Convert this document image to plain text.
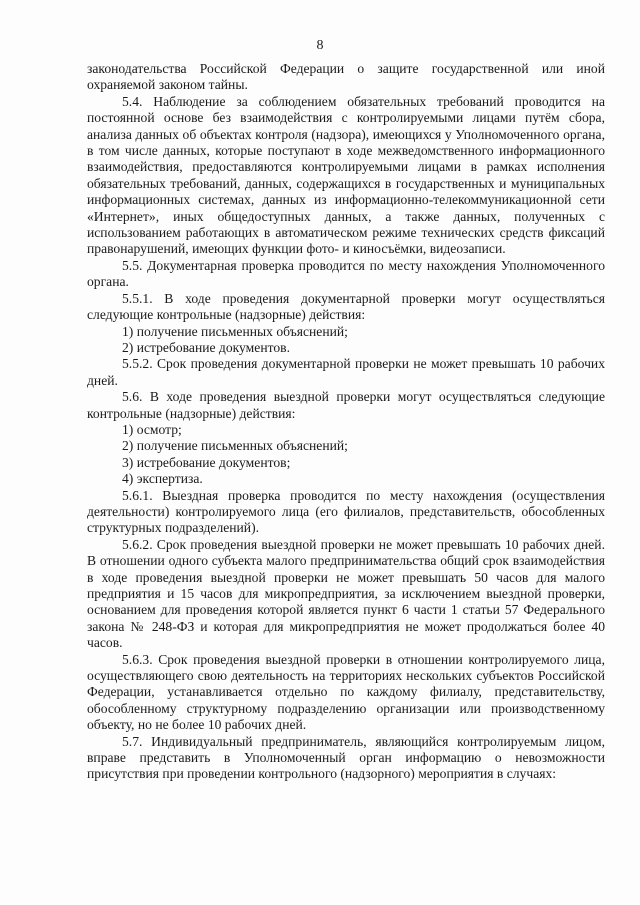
8

законодательства Российской Федерации о защите государственной или иной охраняемой законом тайны.

5.4. Наблюдение за соблюдением обязательных требований проводится на постоянной основе без взаимодействия с контролируемыми лицами путём сбора, анализа данных об объектах контроля (надзора), имеющихся у Уполномоченного органа, в том числе данных, которые поступают в ходе межведомственного информационного взаимодействия, предоставляются контролируемыми лицами в рамках исполнения обязательных требований, данных, содержащихся в государственных и муниципальных информационных системах, данных из информационно-телекоммуникационной сети «Интернет», иных общедоступных данных, а также данных, полученных с использованием работающих в автоматическом режиме технических средств фиксаций правонарушений, имеющих функции фото- и киносъёмки, видеозаписи.

5.5. Документарная проверка проводится по месту нахождения Уполномоченного органа.

5.5.1. В ходе проведения документарной проверки могут осуществляться следующие контрольные (надзорные) действия:

1) получение письменных объяснений;

2) истребование документов.

5.5.2. Срок проведения документарной проверки не может превышать 10 рабочих дней.

5.6. В ходе проведения выездной проверки могут осуществляться следующие контрольные (надзорные) действия:

1) осмотр;

2) получение письменных объяснений;

3) истребование документов;

4) экспертиза.

5.6.1. Выездная проверка проводится по месту нахождения (осуществления деятельности) контролируемого лица (его филиалов, представительств, обособленных структурных подразделений).

5.6.2. Срок проведения выездной проверки не может превышать 10 рабочих дней. В отношении одного субъекта малого предпринимательства общий срок взаимодействия в ходе проведения выездной проверки не может превышать 50 часов для малого предприятия и 15 часов для микропредприятия, за исключением выездной проверки, основанием для проведения которой является пункт 6 части 1 статьи 57 Федерального закона № 248-ФЗ и которая для микропредприятия не может продолжаться более 40 часов.

5.6.3. Срок проведения выездной проверки в отношении контролируемого лица, осуществляющего свою деятельность на территориях нескольких субъектов Российской Федерации, устанавливается отдельно по каждому филиалу, представительству, обособленному структурному подразделению организации или производственному объекту, но не более 10 рабочих дней.

5.7. Индивидуальный предприниматель, являющийся контролируемым лицом, вправе представить в Уполномоченный орган информацию о невозможности присутствия при проведении контрольного (надзорного) мероприятия в случаях:
